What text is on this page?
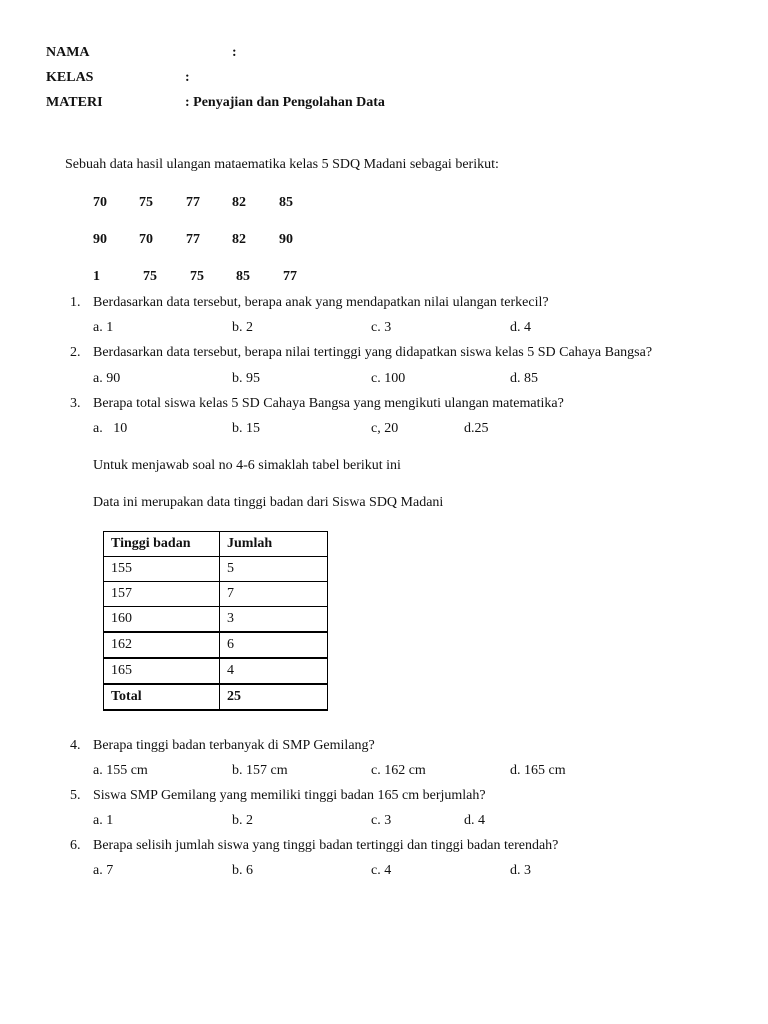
NAMA	:
KELAS	:
MATERI	: Penyajian dan Pengolahan Data
Sebuah data hasil ulangan mataematika kelas 5 SDQ Madani sebagai berikut:
70 75 77 82 85
90 70 77 82 90
1	75 75 85 77
1. Berdasarkan data tersebut, berapa anak yang mendapatkan nilai ulangan terkecil?
a. 1	b. 2	c. 3	d. 4
2. Berdasarkan data tersebut, berapa nilai tertinggi yang didapatkan siswa kelas 5 SD Cahaya Bangsa?
a. 90	b. 95	c. 100	d. 85
3. Berapa total siswa kelas 5 SD Cahaya Bangsa yang mengikuti ulangan matematika?
a.   10	b. 15	c, 20	d.25
Untuk menjawab soal no 4-6 simaklah tabel berikut ini
Data ini merupakan data tinggi badan dari Siswa SDQ Madani
Tinggi badan	Jumlah
155	5
157	7
160	3
162	6
165	4
Total	25
4. Berapa tinggi badan terbanyak di SMP Gemilang?
a. 155 cm	b. 157 cm	c. 162 cm	d. 165 cm
5. Siswa SMP Gemilang yang memiliki tinggi badan 165 cm berjumlah?
a. 1	b. 2	c. 3	d. 4
6. Berapa selisih jumlah siswa yang tinggi badan tertinggi dan tinggi badan terendah?
a. 7	b. 6	c. 4	d. 3
